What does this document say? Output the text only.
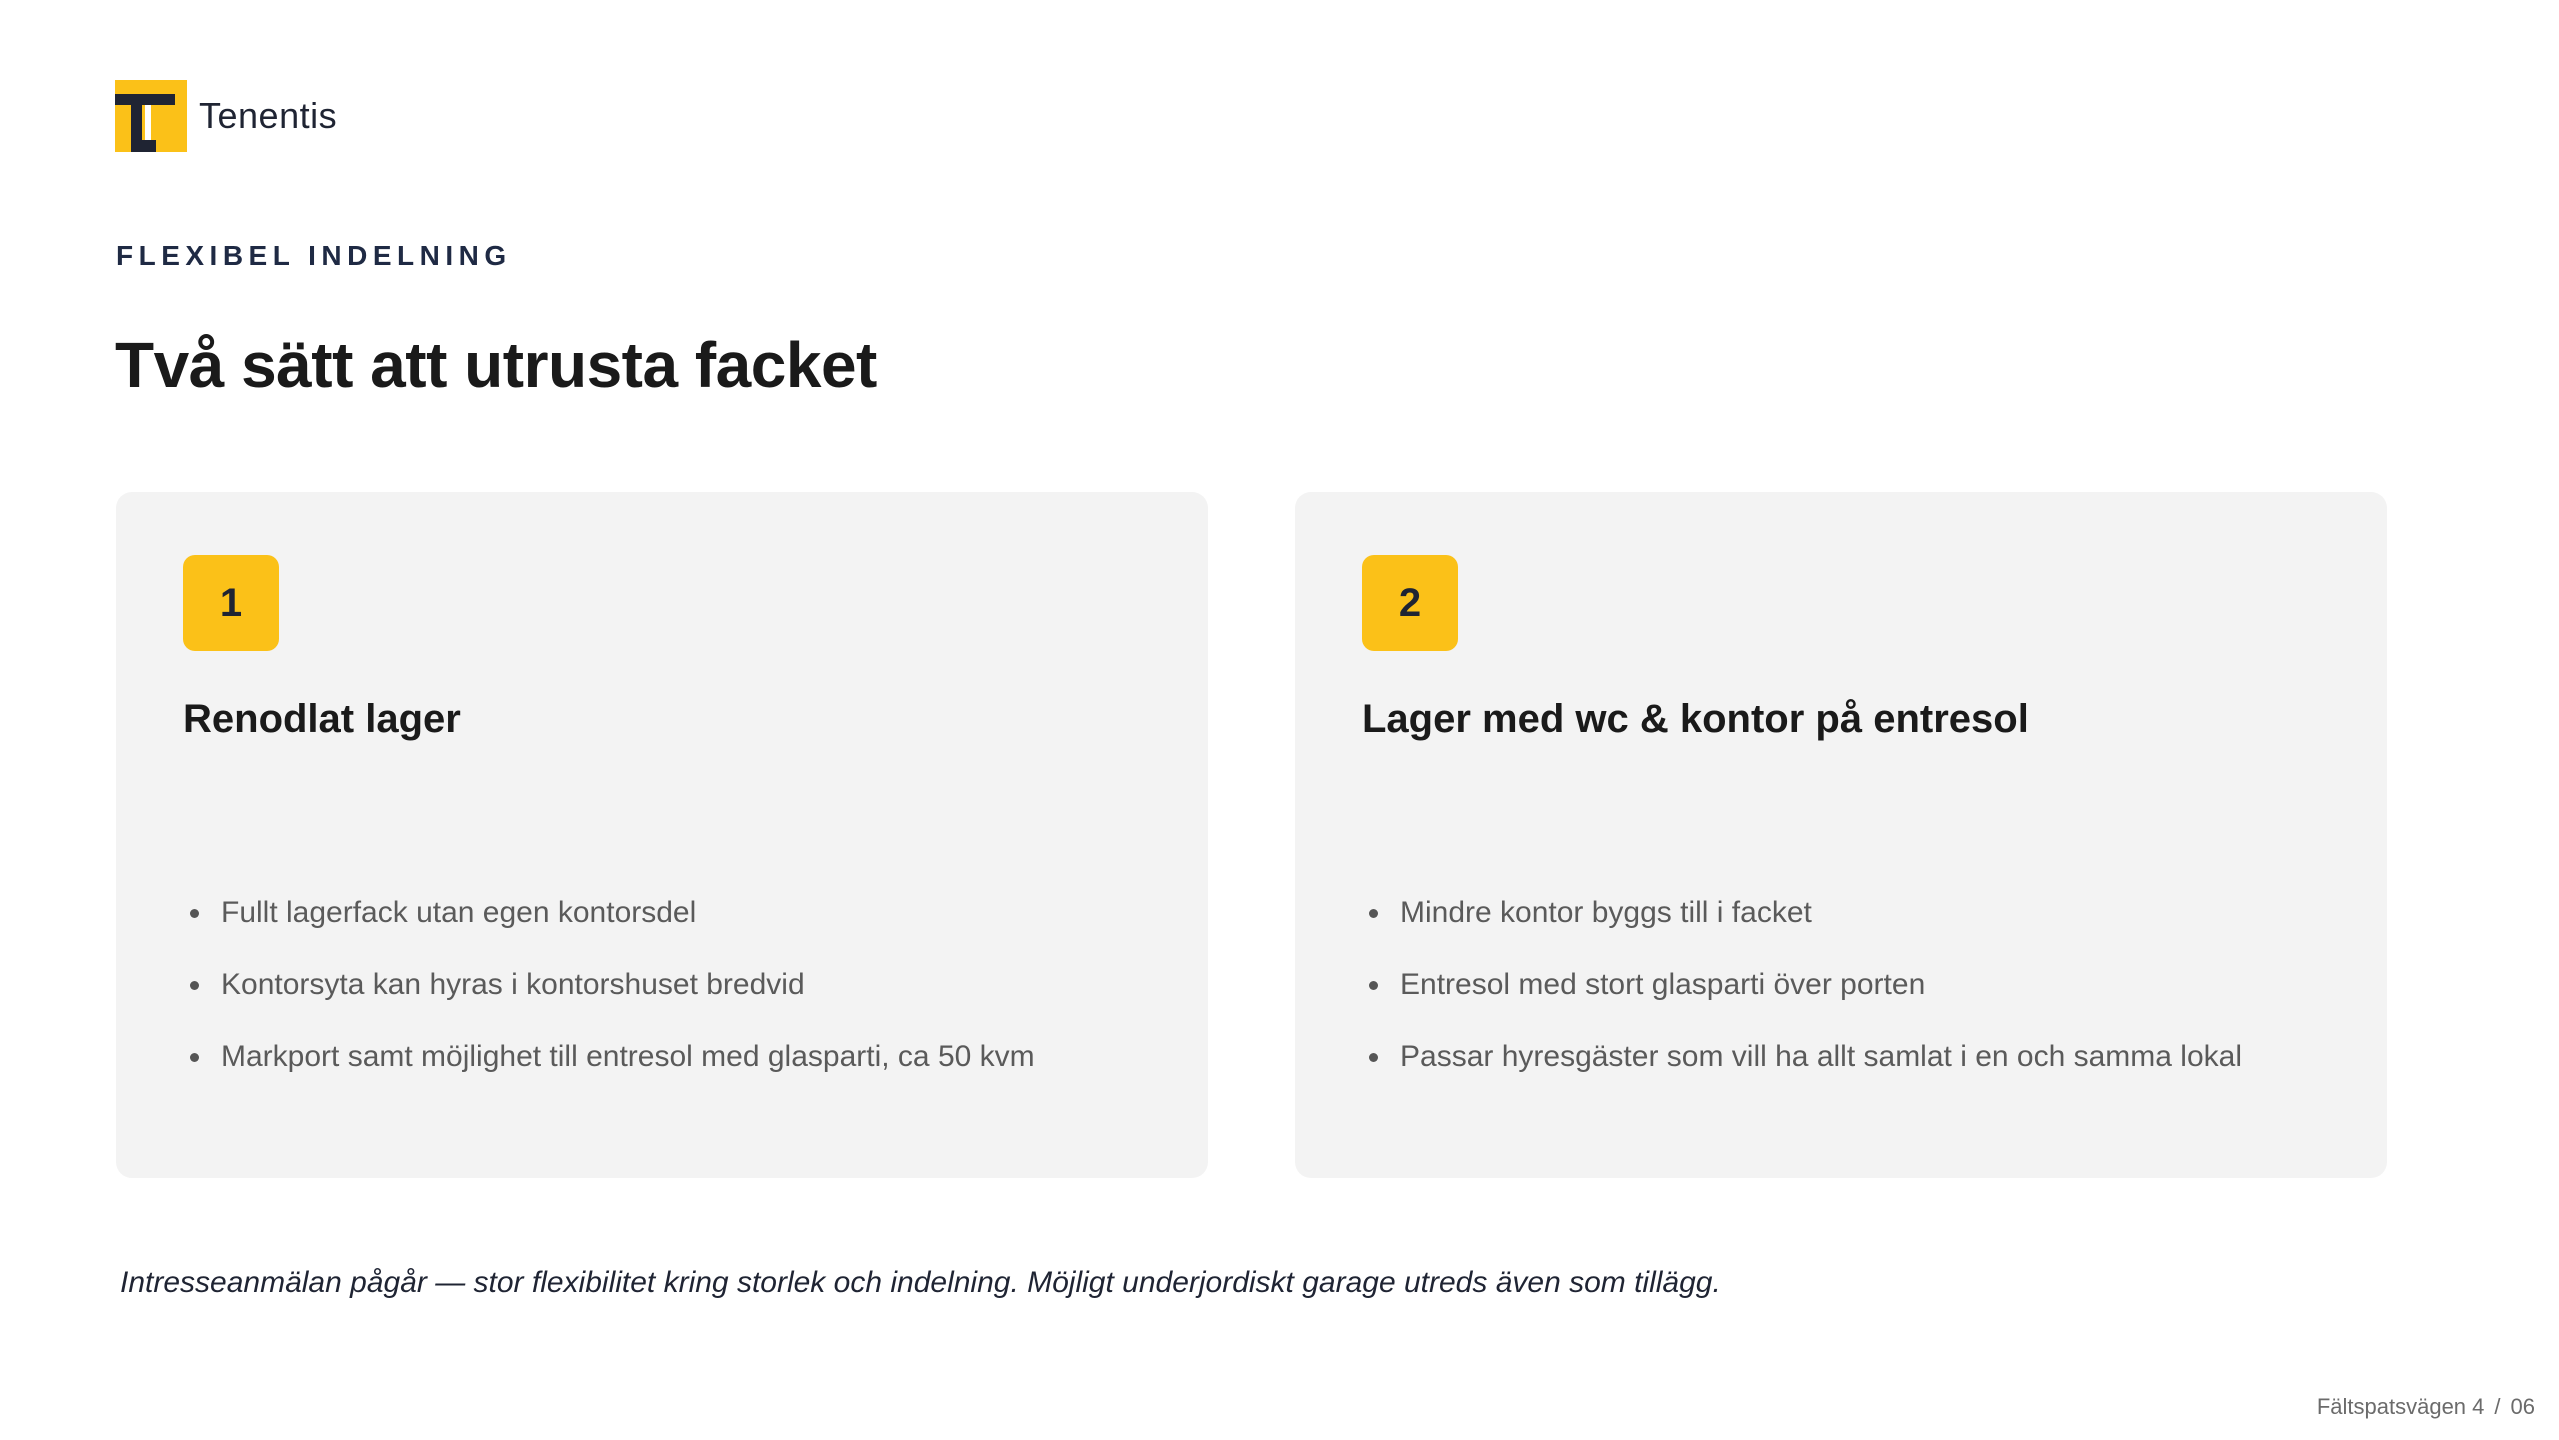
Tenentis
FLEXIBEL INDELNING
Två sätt att utrusta facket
1
Renodlat lager
Fullt lagerfack utan egen kontorsdel
Kontorsyta kan hyras i kontorshuset bredvid
Markport samt möjlighet till entresol med glasparti, ca 50 kvm
2
Lager med wc & kontor på entresol
Mindre kontor byggs till i facket
Entresol med stort glasparti över porten
Passar hyresgäster som vill ha allt samlat i en och samma lokal
Intresseanmälan pågår — stor flexibilitet kring storlek och indelning. Möjligt underjordiskt garage utreds även som tillägg.
Fältspatsvägen 4 / 06
